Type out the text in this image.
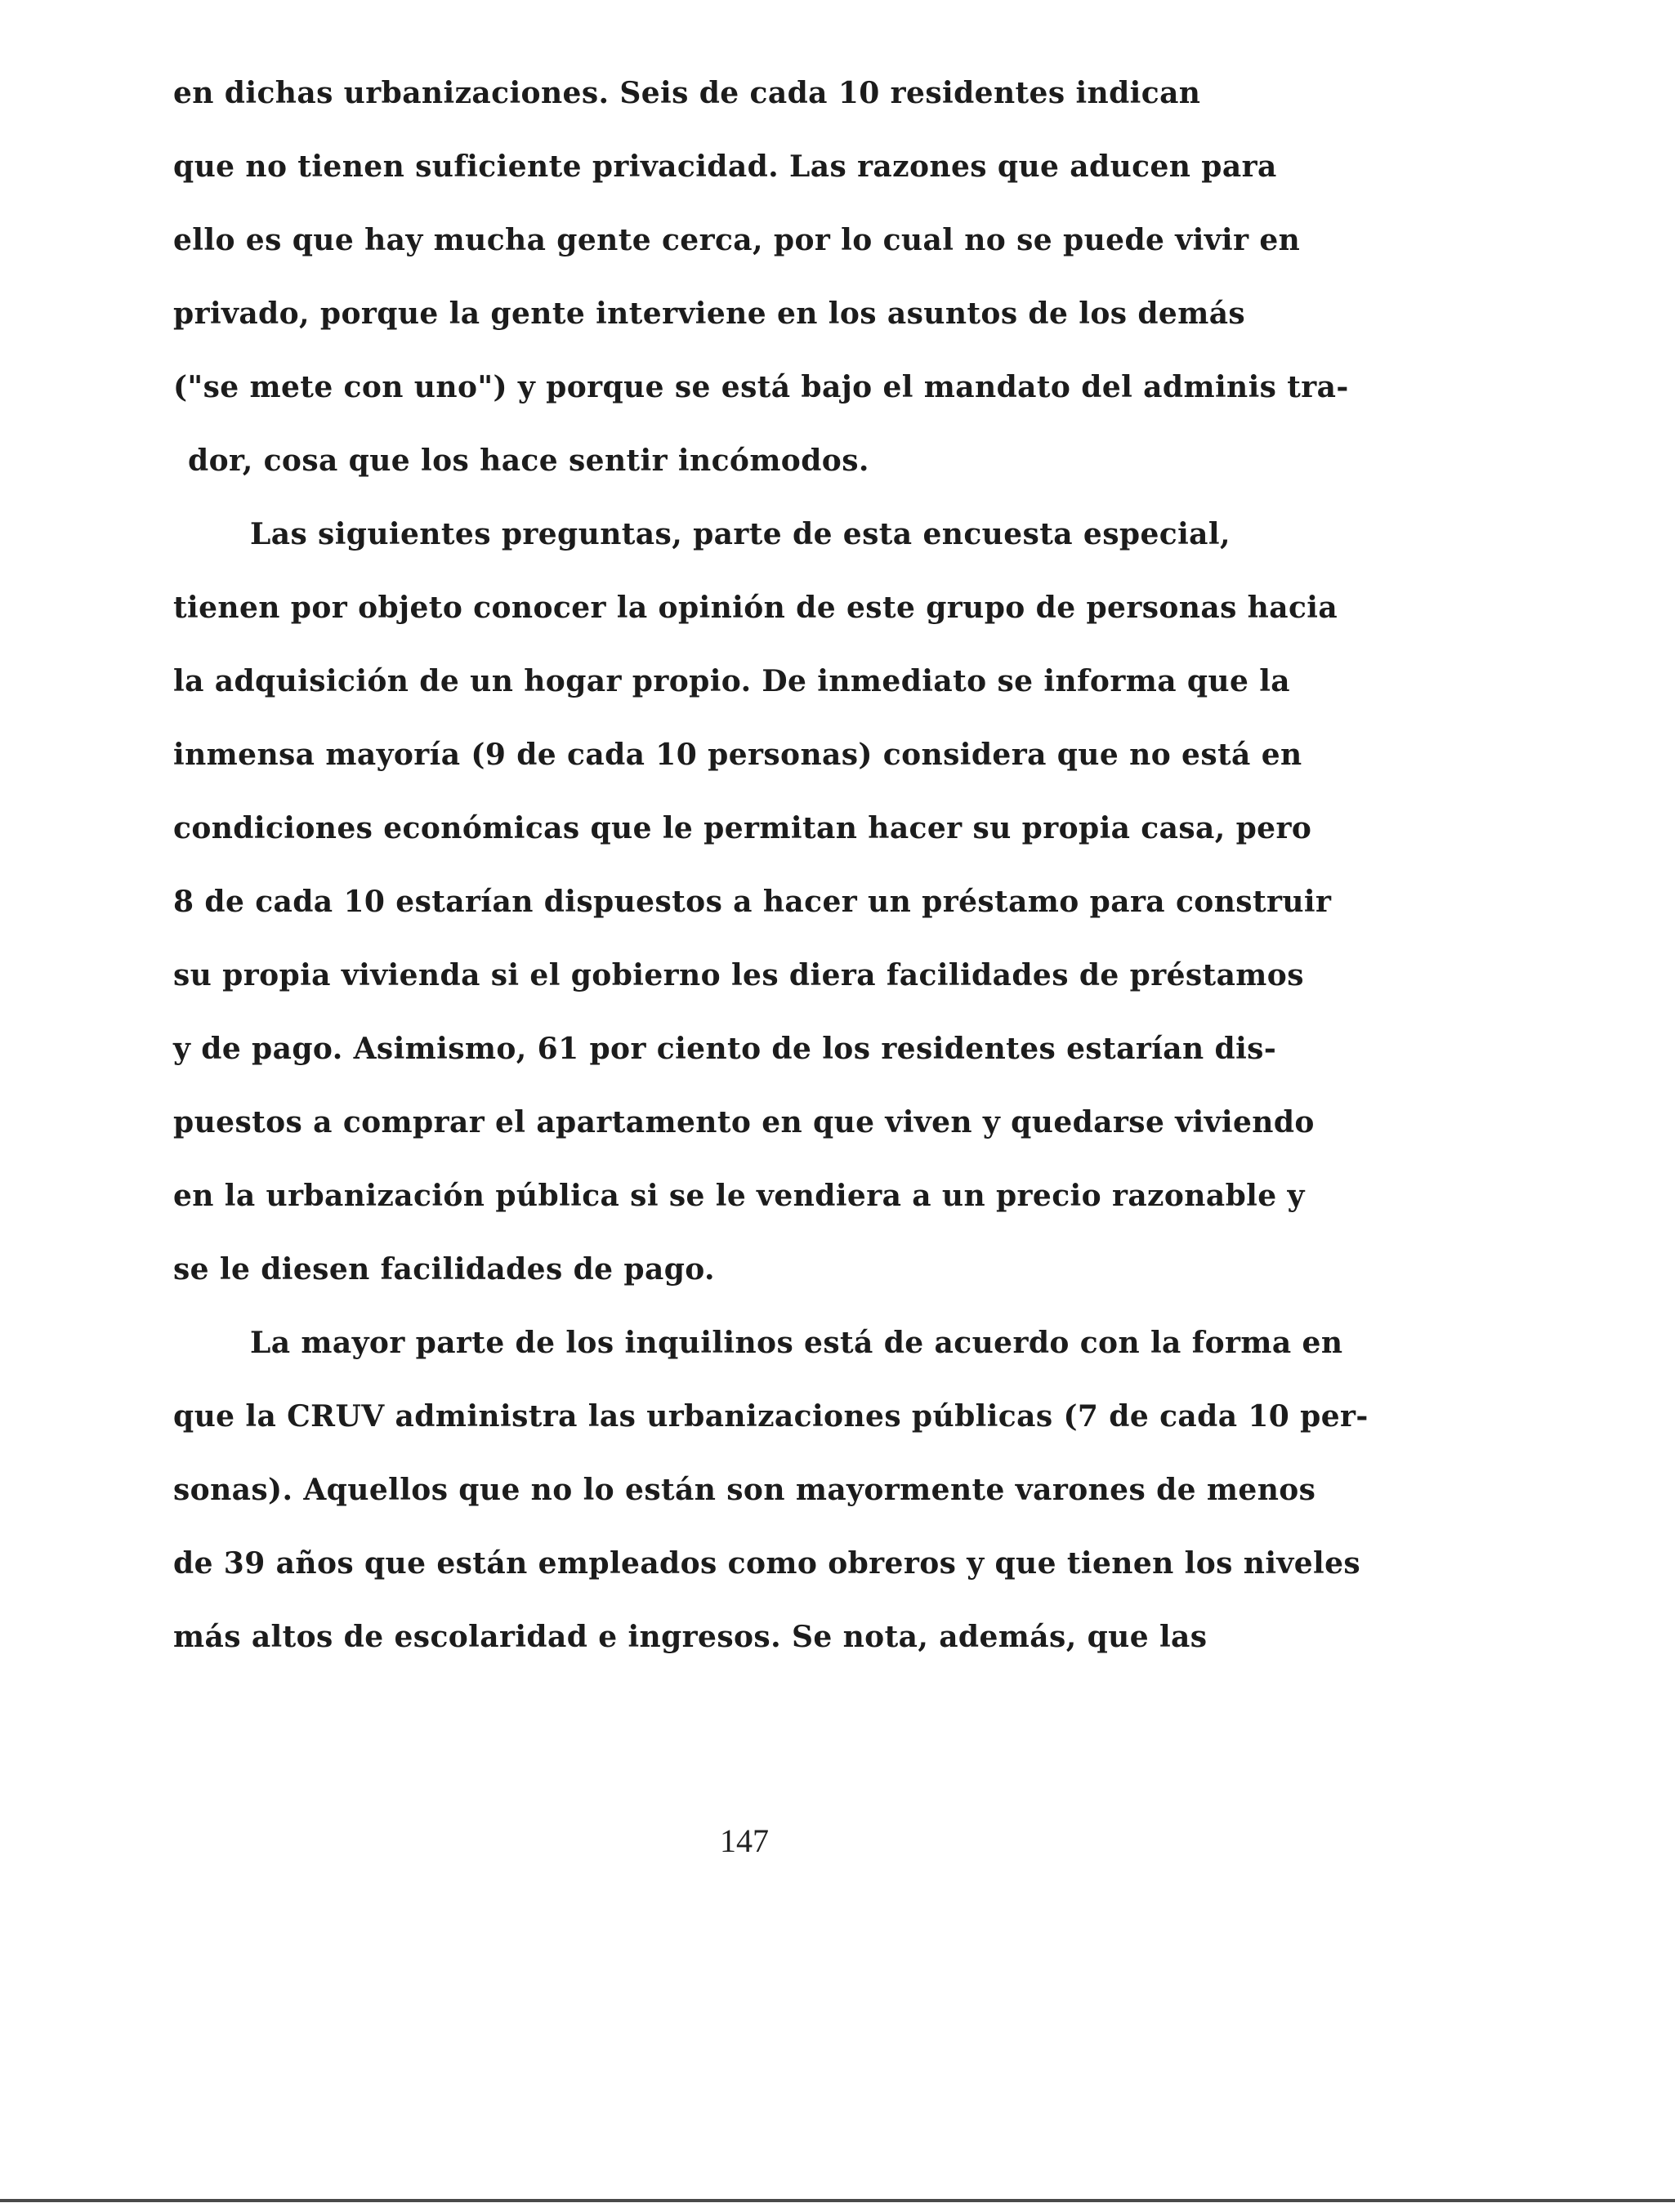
en dichas urbanizaciones. Seis de cada 10 residentes indican
que no tienen suficiente privacidad. Las razones que aducen para
ello es que hay mucha gente cerca, por lo cual no se puede vivir en
privado, porque la gente interviene en los asuntos de los demás
("se mete con uno") y porque se está bajo el mandato del adminis tra-
dor, cosa que los hace sentir incómodos.
Las siguientes preguntas, parte de esta encuesta especial,
tienen por objeto conocer la opinión de este grupo de personas hacia
la adquisición de un hogar propio. De inmediato se informa que la
inmensa mayoría (9 de cada 10 personas) considera que no está en
condiciones económicas que le permitan hacer su propia casa, pero
8 de cada 10 estarían dispuestos a hacer un préstamo para construir
su propia vivienda si el gobierno les diera facilidades de préstamos
y de pago. Asimismo, 61 por ciento de los residentes estarían dis-
puestos a comprar el apartamento en que viven y quedarse viviendo
en la urbanización pública si se le vendiera a un precio razonable y
se le diesen facilidades de pago.
La mayor parte de los inquilinos está de acuerdo con la forma en
que la CRUV administra las urbanizaciones públicas (7 de cada 10 per-
sonas). Aquellos que no lo están son mayormente varones de menos
de 39 años que están empleados como obreros y que tienen los niveles
más altos de escolaridad e ingresos. Se nota, además, que las
147
